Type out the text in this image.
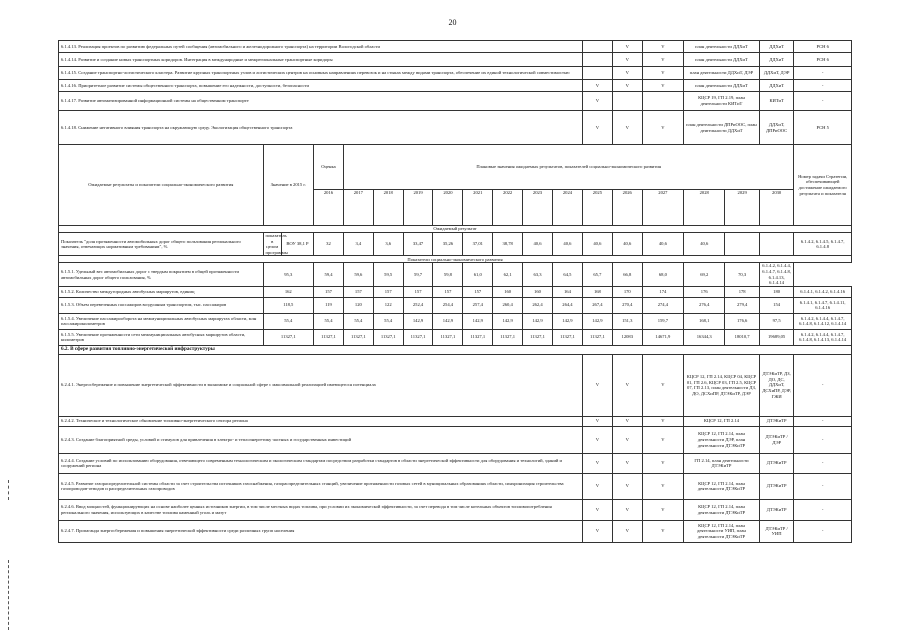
20
6.1.4.13. Реализация проектов по развитию федеральных путей сообщения (автомобильного и железнодорожного транспорта) на территории Вологодской области													V	V	план деятельности ДДХиТ		ДДХиТ	РСН 6
6.1.4.14. Развитие и создание новых транспортных коридоров. Интеграция в международные и межрегиональные транспортные коридоры													V	V	план деятельности ДДХиТ		ДДХиТ	РСН 6
6.1.4.15. Создание транспортно-логистического кластера. Развитие крупных транспортных узлов и логистических центров на основных направлениях перевозок и на стыках между видами транспорта, обеспечение их единой технологической совместимостью													V	V	план деятельности ДДХиТ, ДЭР		ДДХиТ, ДЭР	-
6.1.4.16. Приоритетное развитие системы общественного транспорта, повышение его надежности, доступности, безопасности												V	V	V	план деятельности ДДХиТ		ДДХиТ	-
6.1.4.17. Развитие автоматизированной информационной системы на общественном транспорте												V			КЦСР 19, ГП 2.19, план деятельности КИТиТ		КИТиТ	-
6.1.4.18. Снижение негативного влияния транспорта на окружающую среду. Экологизация общественного транспорта												V	V	V	план деятельности ДПРиООС, план деятельности ДДХиТ		ДДХиТ, ДПРиООС	РСН 5
Ожидаемые результаты и показатели социально-экономического развития	Значение в 2015 г.		Оценка	Плановые значения ожидаемых результатов, показателей социально-экономического развития														Номер задачи Стратегии, обеспечивающей достижение ожидаемого результата и показателя
			2016	2017	2018	2019	2020	2021	2022	2023	2024	2025	2026	2027	2028	2029	2030	
Ожидаемый результат																		
Показатель "доля протяженности автомобильных дорог общего пользования регионального значения, отвечающих нормативным требованиям", %	показатель в целом программы	ВОУ 38,1 Р	32	3,4	3,6	33,47	35,26	37,01	38,78	40,6	40,6	40,6	40,6	40,6	40,6			6.1.4.2, 6.1.4.5, 6.1.4.7, 6.1.4.8
Показатели социально-экономического развития																		
6.1.5.1. Удельный вес автомобильных дорог с твердым покрытием в общей протяженности автомобильных дорог общего пользования, %	95,3		59,4	59,6	59,5	59,7	59,8	61,0	62,1	63,3	64,5	65,7	66,8	68,0	69,2	70,3	6.1.4.2, 6.1.4.4, 6.1.4.7, 6.1.4.8, 6.1.4.13, 6.1.4.14	
6.1.5.2. Количество междугородных автобусных маршрутов, единиц	162		157	157	157	157	157	157	160	160	164	168	170	174	176	178	180	6.1.4.1, 6.1.4.2, 6.1.4.16
6.1.5.3. Объем перевезенных пассажиров воздушным транспортом, тыс. пассажиров	118,5		119	120	122	252,4	254,4	257,4	260,4	262,4	264,4	267,4	270,4	274,4	276,4	279,4	154	6.1.4.1, 6.1.4.7, 6.1.4.11, 6.1.4.16
6.1.5.4. Увеличение пассажирооборота на межмуниципальных автобусных маршрутах области, млн пассажирокилометров	55,4		55,4	55,4	55,4	142,9	142,9	142,9	142,9	142,9	142,9	142,9	151,3	159,7	168,1	176,6	97,5	6.1.4.2, 6.1.4.4, 6.1.4.7, 6.1.4.8, 6.1.4.12, 6.1.4.14
6.1.5.5. Увеличение протяженности сети межмуниципальных автобусных маршрутов области, километров	11327,1		11327,1	11327,1	11327,1	11327,1	11327,1	11327,1	11327,1	11327,1	11327,1	11327,1	12083	14671,9	16344,3	18010,7	19689,05	6.1.4.2, 6.1.4.4, 6.1.4.7, 6.1.4.8, 6.1.4.13, 6.1.4.14
6.2. В сфере развития топливно-энергетической инфраструктуры																		
6.2.4.1. Энергосбережение и повышение энергетической эффективности в экономике и социальной сфере с максимальной реализацией имеющегося потенциала												V	V	V	КЦСР 12, ГП 2.14, КЦСР 04, КЦСР 01, ГП 2.6, КЦСР 03, ГП 2.5, КЦСР 07, ГП 2.13, план деятельности ДЗ, ДО, ДСХиПР, ДТЭКиТР, ДЭР		ДТЭКиТР, ДЗ, ДО, ДС, ДДХиТ, ДСХиПР, ДЭР, ГЖИ	-
6.2.4.2. Техническое и технологическое обновление топливно-энергетического сектора региона												V	V	V	КЦСР 12, ГП 2.14		ДТЭКиТР	-
6.2.4.3. Создание благоприятной среды, условий и стимулов для привлечения в электро- и теплоэнергетику частных и государственных инвестиций												V	V	V	КЦСР 12, ГП 2.14, план деятельности ДЭР, план деятельности ДТЭКиТР		ДТЭКиТР / ДЭР	-
6.2.4.4. Создание условий по использованию оборудования, отвечающего современным технологическим и экологическим стандартам посредством разработки стандартов в области энергетической эффективности для оборудования и технологий, зданий и сооружений региона												V	V	V	ГП 2.14, план деятельности ДТЭКиТР		ДТЭКиТР	-
6.2.4.5. Развитие газораспределительной системы области за счет строительства источников газоснабжения, газораспределительных станций, увеличение протяженности газовых сетей в муниципальных образованиях области, синхронизация строительства газопроводов-отводов и распределительных газопроводов												V	V	V	КЦСР 12, ГП 2.14, план деятельности ДТЭКиТР		ДТЭКиТР	-
6.2.4.6. Ввод мощностей, функционирующих на основе наиболее ценных источников энергии, в том числе местных видах топлива, при условии их экономической эффективности, за счет перевода в том числе котельных объектов топливопотребления регионального значения, использующих в качестве топлива каменный уголь и мазут												V	V	V	КЦСР 12, ГП 2.14, план деятельности ДТЭКиТР		ДТЭКиТР	-
6.2.4.7. Пропаганда энергосбережения и повышения энергетической эффективности среди различных групп населения												V	V	V	КЦСР 12, ГП 2.14, план деятельности УИП, план деятельности ДТЭКиТР		ДТЭКиТР / УИП	-
